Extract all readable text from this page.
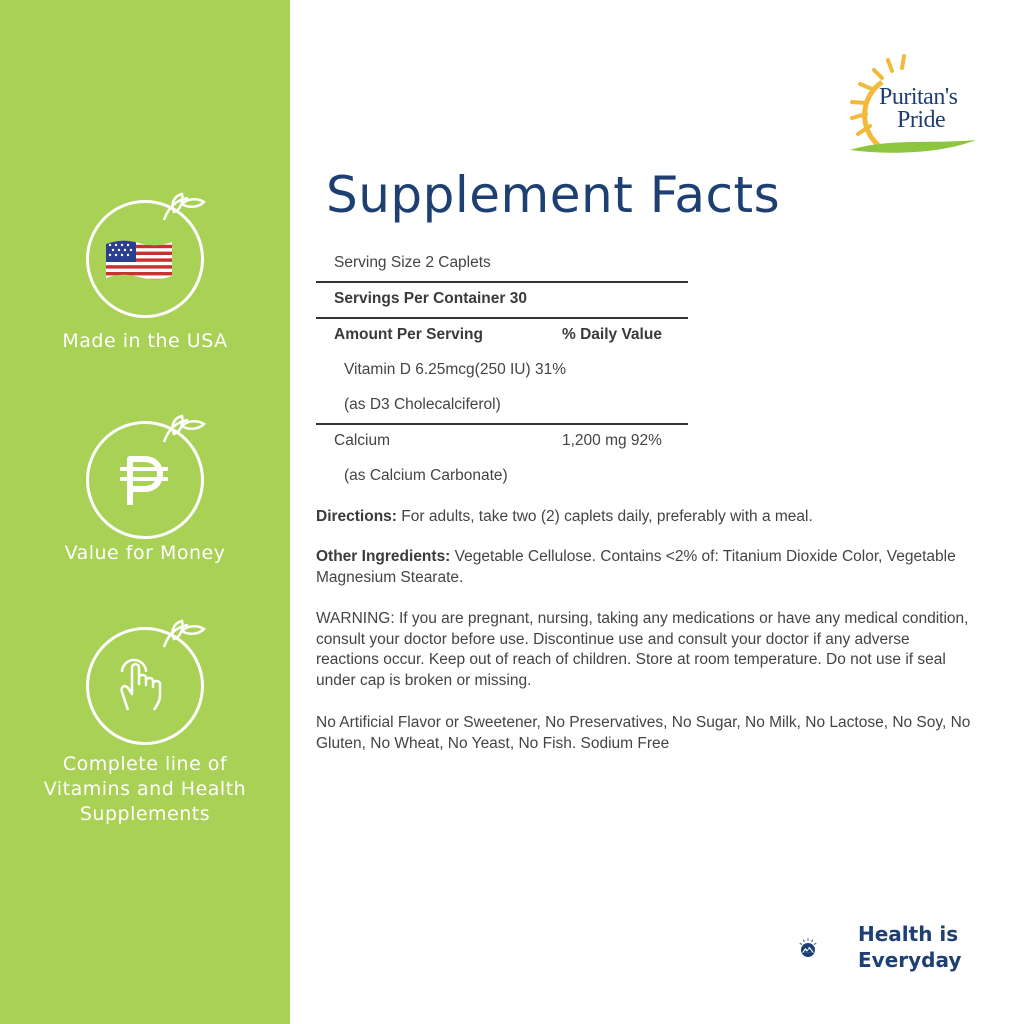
Made in the USA
Value for Money
Complete line of
Vitamins and Health
Supplements
Puritan's
Pride
Supplement Facts
Serving Size 2 Caplets
Servings Per Container 30
Amount Per Serving	% Daily Value
Vitamin D 6.25mcg(250 IU) 31%
(as D3 Cholecalciferol)
Calcium	1,200 mg 92%
(as Calcium Carbonate)

Directions: For adults, take two (2) caplets daily, preferably with a meal.

Other Ingredients: Vegetable Cellulose. Contains <2% of: Titanium Dioxide Color, Vegetable Magnesium Stearate.

WARNING: If you are pregnant, nursing, taking any medications or have any medical condition, consult your doctor before use. Discontinue use and consult your doctor if any adverse reactions occur. Keep out of reach of children. Store at room temperature. Do not use if seal under cap is broken or missing.

No Artificial Flavor or Sweetener, No Preservatives, No Sugar, No Milk, No Lactose, No Soy, No Gluten, No Wheat, No Yeast, No Fish. Sodium Free

Health is
Everyday
